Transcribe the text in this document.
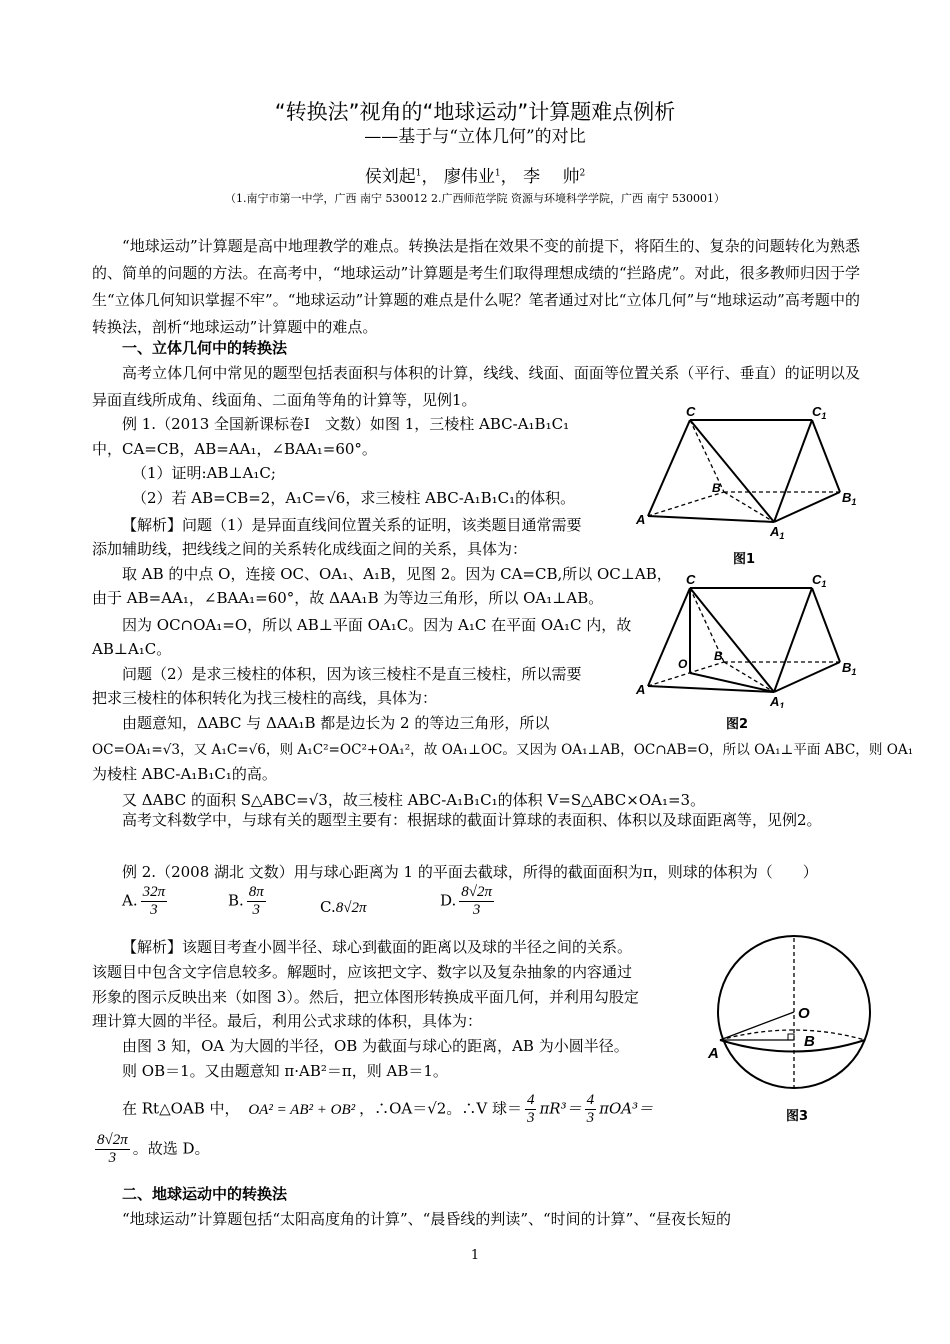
“转换法”视角的“地球运动”计算题难点例析
——基于与“立体几何”的对比
侯刘起$^1$， 廖伟业$^1$， 李　 帅$^2$
（1.南宁市第一中学，广西 南宁 530012 2.广西师范学院 资源与环境科学学院，广西 南宁 530001）
“地球运动”计算题是高中地理教学的难点。转换法是指在效果不变的前提下，将陌生的、复杂的问题转化为熟悉的、简单的问题的方法。在高考中，“地球运动”计算题是考生们取得理想成绩的“拦路虎”。对此，很多教师归因于学生“立体几何知识掌握不牢”。“地球运动”计算题的难点是什么呢？笔者通过对比“立体几何”与“地球运动”高考题中的转换法，剖析“地球运动”计算题中的难点。
一、立体几何中的转换法
高考立体几何中常见的题型包括表面积与体积的计算，线线、线面、面面等位置关系（平行、垂直）的证明以及异面直线所成角、线面角、二面角等角的计算等，见例1。
例 1.（2013 全国新课标卷Ⅰ　文数）如图 1，三棱柱 ABC-A₁B₁C₁
中，CA=CB，AB=AA₁，∠BAA₁=60°。
（1）证明:AB⊥A₁C;
（2）若 AB=CB=2，A₁C=√6，求三棱柱 ABC-A₁B₁C₁的体积。
【解析】问题（1）是异面直线间位置关系的证明，该类题目通常需要
添加辅助线，把线线之间的关系转化成线面之间的关系，具体为：
取 AB 的中点 O，连接 OC、OA₁、A₁B，见图 2。因为 CA=CB,所以 OC⊥AB，
由于 AB=AA₁，∠BAA₁=60°，故 ΔAA₁B 为等边三角形，所以 OA₁⊥AB。
因为 OC∩OA₁=O，所以 AB⊥平面 OA₁C。因为 A₁C 在平面 OA₁C 内，故
AB⊥A₁C。
问题（2）是求三棱柱的体积，因为该三棱柱不是直三棱柱，所以需要
把求三棱柱的体积转化为找三棱柱的高线，具体为：
由题意知，ΔABC 与 ΔAA₁B 都是边长为 2 的等边三角形，所以
OC=OA₁=√3，又 A₁C=√6，则 A₁C²=OC²+OA₁²，故 OA₁⊥OC。又因为 OA₁⊥AB，OC∩AB=O，所以 OA₁⊥平面 ABC，则 OA₁
为棱柱 ABC-A₁B₁C₁的高。
又 ΔABC 的面积 S△ABC=√3，故三棱柱 ABC-A₁B₁C₁的体积 V=S△ABC×OA₁=3。
高考文科数学中，与球有关的题型主要有：根据球的截面计算球的表面积、体积以及球面距离等，见例2。
例 2.（2008 湖北 文数）用与球心距离为 1 的平面去截球，所得的截面面积为π，则球的体积为（　　）
A. $\frac{32\pi}{3}$	B. $\frac{8\pi}{3}$	C.8√2π	D. $\frac{8√2\pi}{3}$
【解析】该题目考查小圆半径、球心到截面的距离以及球的半径之间的关系。
该题目中包含文字信息较多。解题时，应该把文字、数字以及复杂抽象的内容通过
形象的图示反映出来（如图 3）。然后，把立体图形转换成平面几何，并利用勾股定
理计算大圆的半径。最后，利用公式求球的体积，具体为：
由图 3 知，OA 为大圆的半径，OB 为截面与球心的距离，AB 为小圆半径。
则 OB＝1。又由题意知 π·AB²＝π，则 AB＝1。
在 Rt△OAB 中， OA² = AB² + OB² ，∴OA＝√2。∴V 球＝ $\frac{4}{3} \pi R^3= \frac{4}{3} \pi OA^3=$
$\frac{8√2\pi}{3}$ 。故选 D。
二、地球运动中的转换法
“地球运动”计算题包括“太阳高度角的计算”、“晨昏线的判读”、“时间的计算”、“昼夜长短的
C	$C_1$
B
$B_1$
A
$A_1$
图1
C	$C_1$
B
O	$B_1$
A
$A_1$
图2
O
B
A
图3
1
